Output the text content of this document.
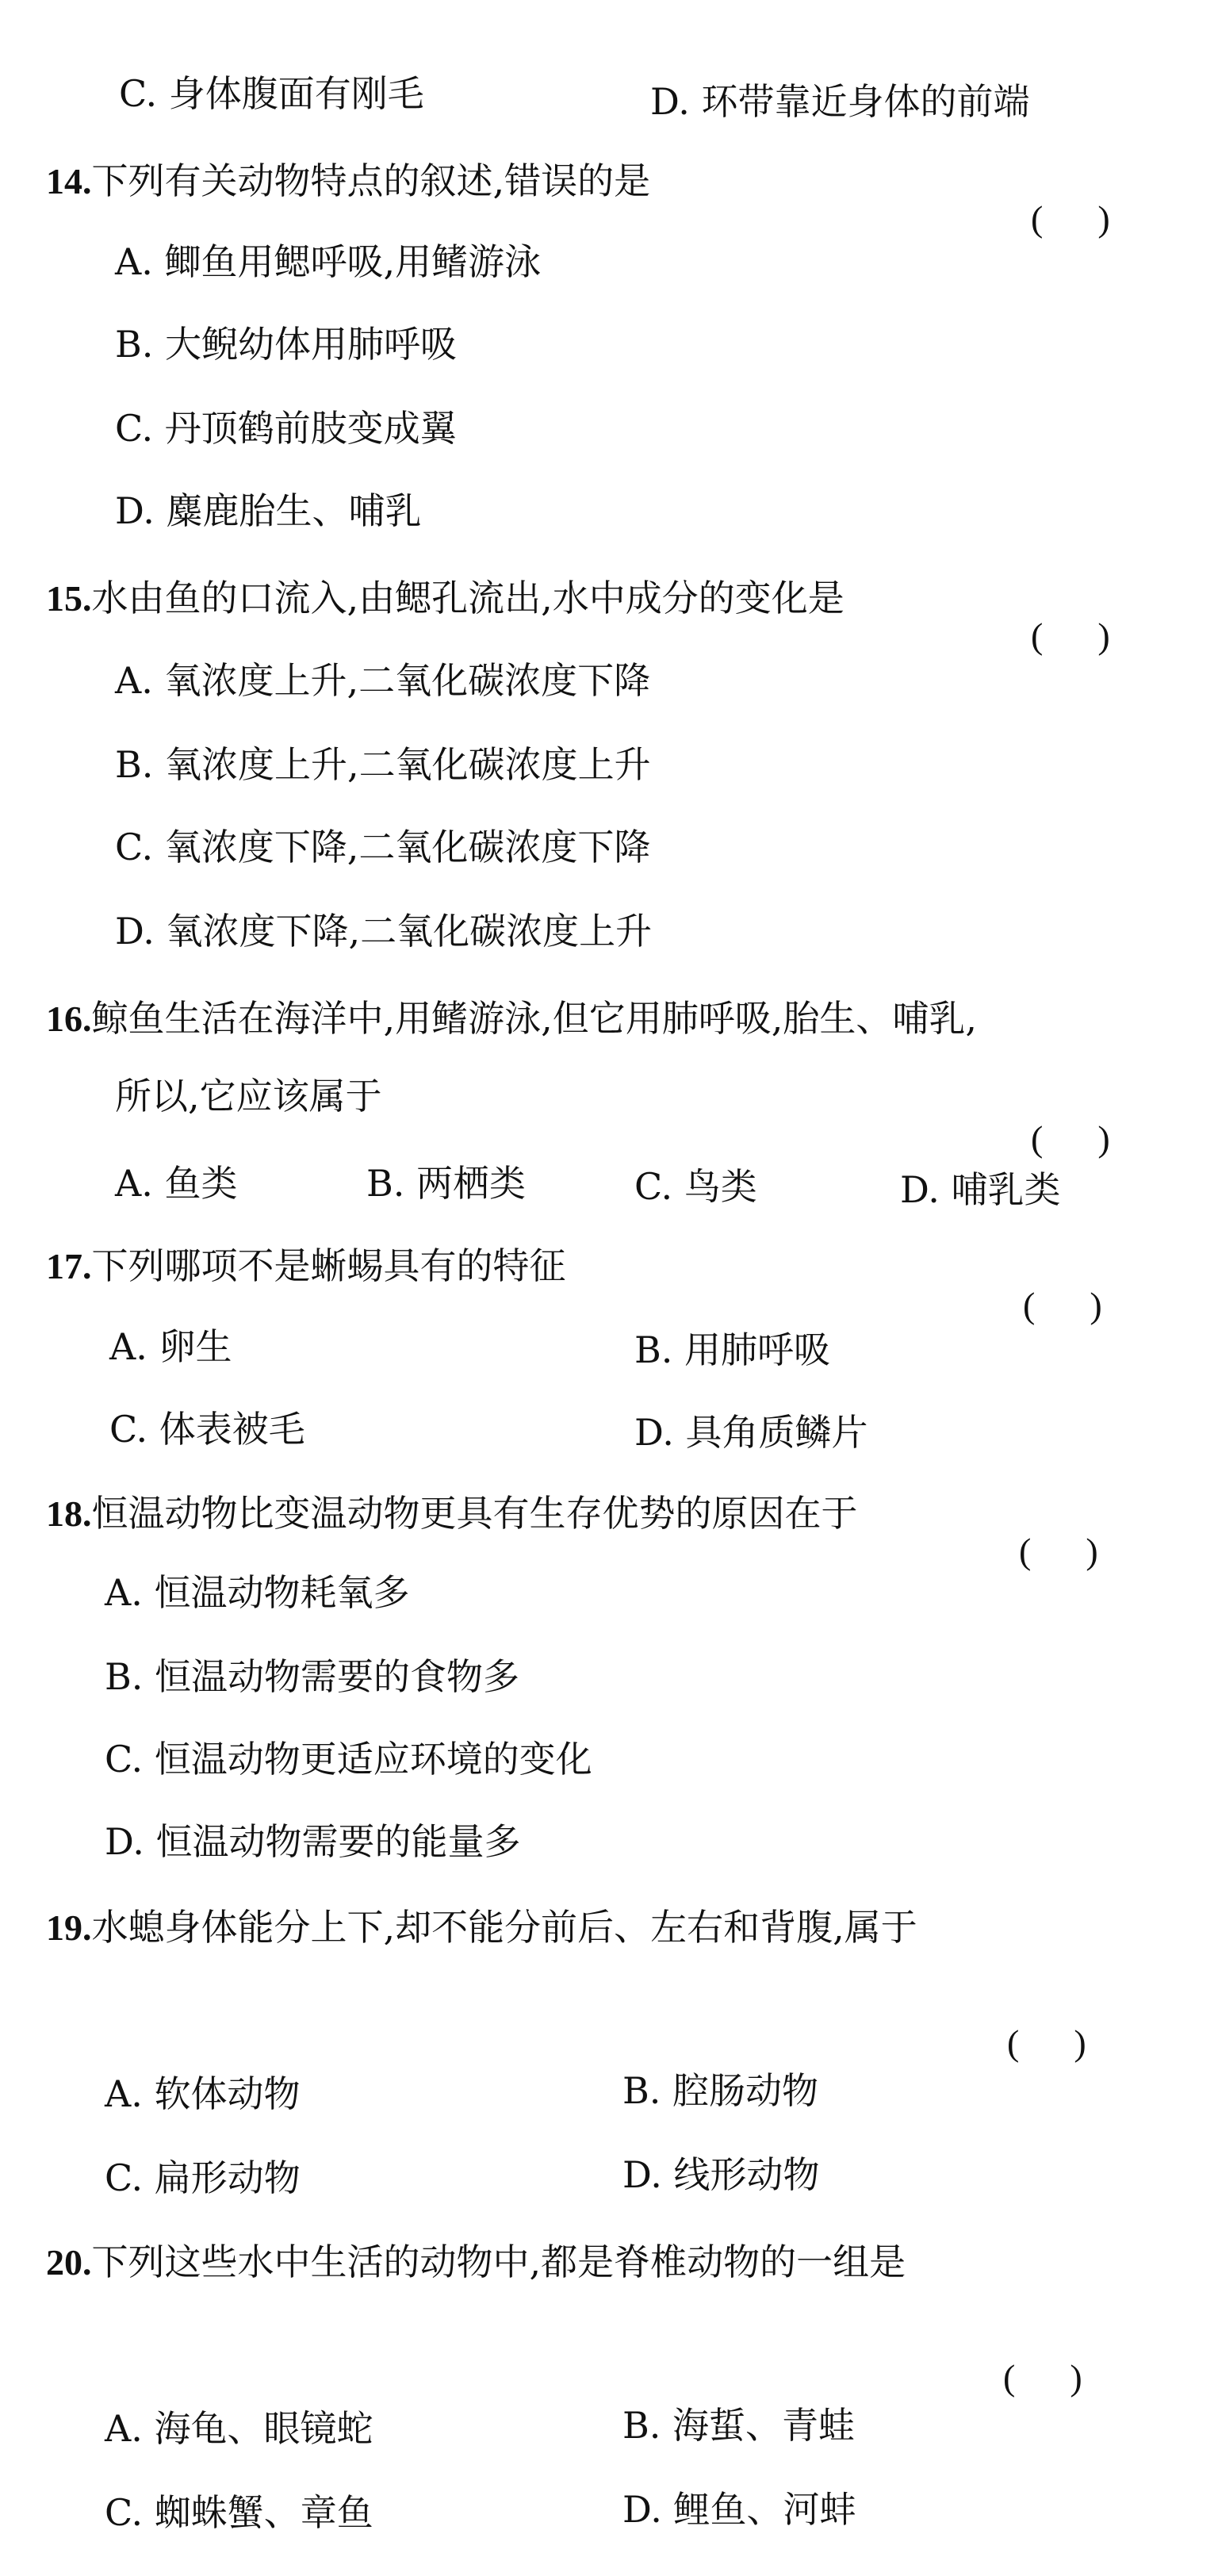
C. 身体腹面有刚毛	D. 环带靠近身体的前端

14.下列有关动物特点的叙述,错误的是

(      )

A. 鲫鱼用鳃呼吸,用鳍游泳

B. 大鲵幼体用肺呼吸

C. 丹顶鹤前肢变成翼

D. 麋鹿胎生、哺乳

15.水由鱼的口流入,由鳃孔流出,水中成分的变化是

(      )

A. 氧浓度上升,二氧化碳浓度下降

B. 氧浓度上升,二氧化碳浓度上升

C. 氧浓度下降,二氧化碳浓度下降

D. 氧浓度下降,二氧化碳浓度上升

16.鲸鱼生活在海洋中,用鳍游泳,但它用肺呼吸,胎生、哺乳,

所以,它应该属于

(      )

A. 鱼类	B. 两栖类	C. 鸟类	D. 哺乳类

17.下列哪项不是蜥蜴具有的特征

(      )

A. 卵生	B. 用肺呼吸

C. 体表被毛	D. 具角质鳞片

18.恒温动物比变温动物更具有生存优势的原因在于

(      )

A. 恒温动物耗氧多

B. 恒温动物需要的食物多

C. 恒温动物更适应环境的变化

D. 恒温动物需要的能量多

19.水螅身体能分上下,却不能分前后、左右和背腹,属于

(      )

A. 软体动物	B. 腔肠动物

C. 扁形动物	D. 线形动物

20.下列这些水中生活的动物中,都是脊椎动物的一组是

(      )

A. 海龟、眼镜蛇	B. 海蜇、青蛙

C. 蜘蛛蟹、章鱼	D. 鲤鱼、河蚌
